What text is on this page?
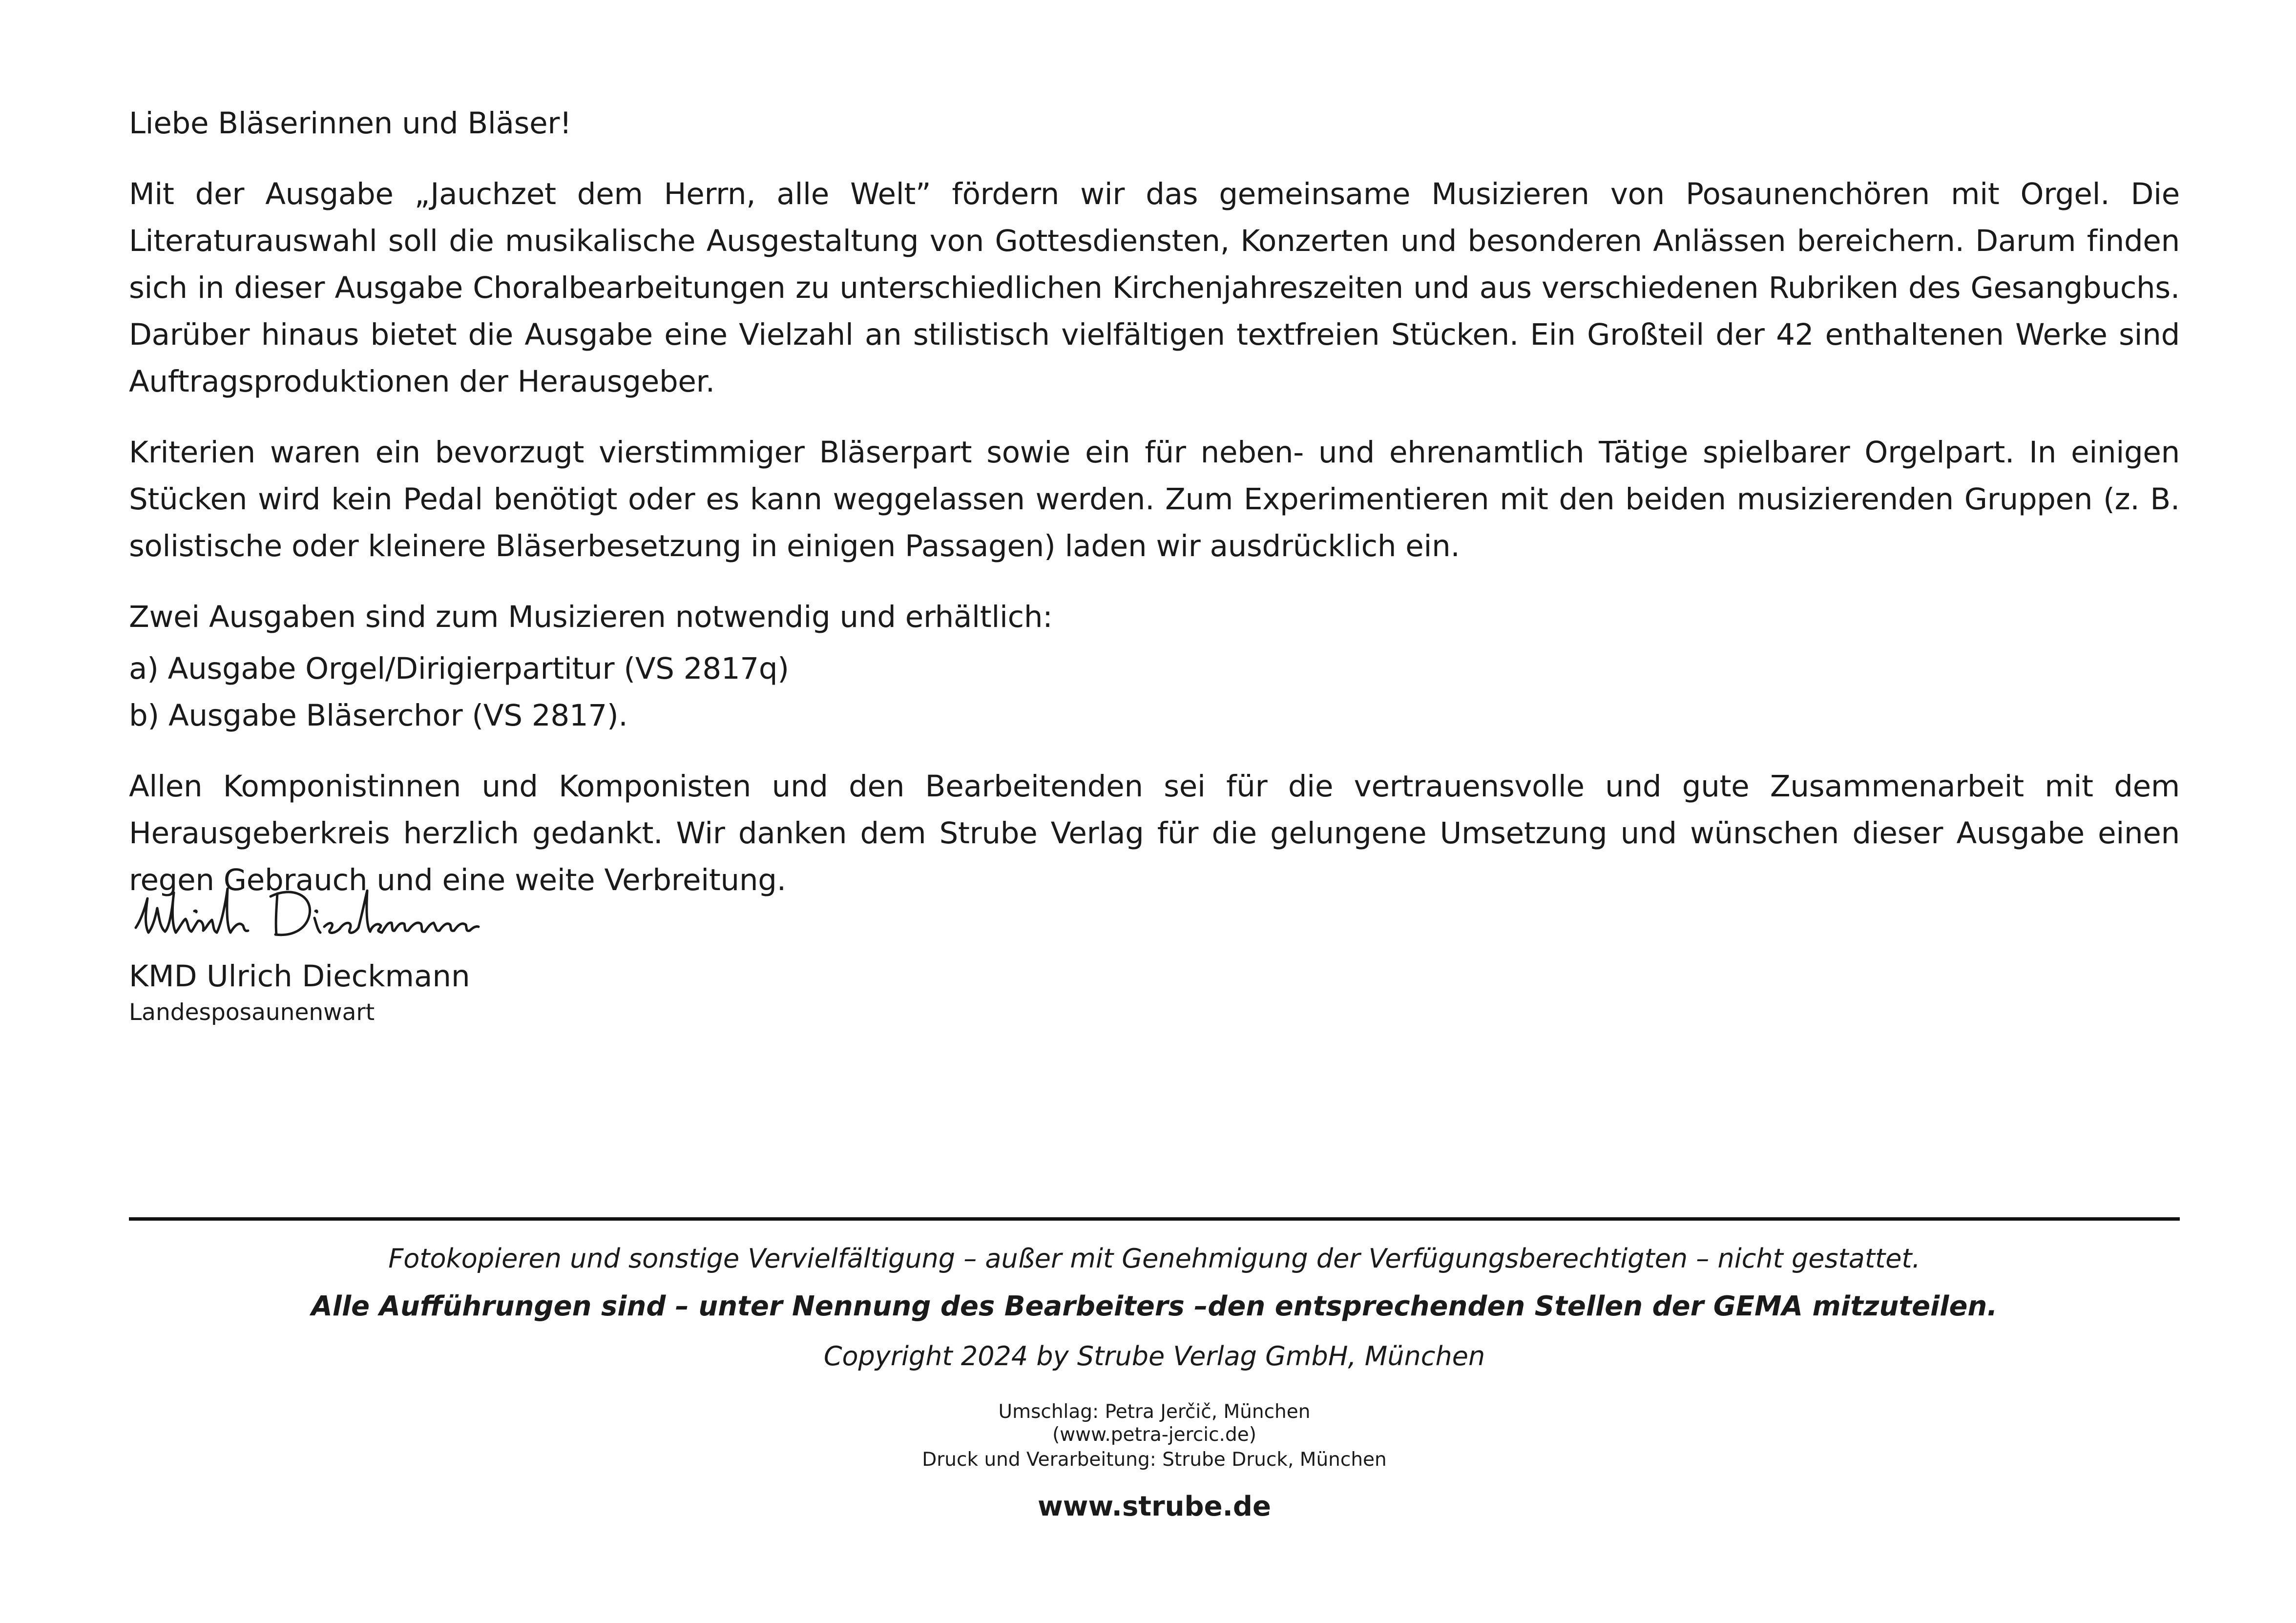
Liebe Bläserinnen und Bläser!

Mit der Ausgabe „Jauchzet dem Herrn, alle Welt” fördern wir das gemeinsame Musizieren von Posaunenchören mit Orgel. Die Literaturauswahl soll die musikalische Ausgestaltung von Gottesdiensten, Konzerten und besonderen Anlässen bereichern. Darum finden sich in dieser Ausgabe Choralbearbeitungen zu unterschiedlichen Kirchenjahreszeiten und aus verschiedenen Rubriken des Gesangbuchs. Darüber hinaus bietet die Ausgabe eine Vielzahl an stilistisch vielfältigen textfreien Stücken. Ein Großteil der 42 enthaltenen Werke sind Auftragsproduktionen der Herausgeber.

Kriterien waren ein bevorzugt vierstimmiger Bläserpart sowie ein für neben- und ehrenamtlich Tätige spielbarer Orgelpart. In einigen Stücken wird kein Pedal benötigt oder es kann weggelassen werden. Zum Experimentieren mit den beiden musizierenden Gruppen (z. B. solistische oder kleinere Bläserbesetzung in einigen Passagen) laden wir ausdrücklich ein.

Zwei Ausgaben sind zum Musizieren notwendig und erhältlich:

a) Ausgabe Orgel/Dirigierpartitur (VS 2817q)

b) Ausgabe Bläserchor (VS 2817).

Allen Komponistinnen und Komponisten und den Bearbeitenden sei für die vertrauensvolle und gute Zusammenarbeit mit dem Herausgeberkreis herzlich gedankt. Wir danken dem Strube Verlag für die gelungene Umsetzung und wünschen dieser Ausgabe einen regen Gebrauch und eine weite Verbreitung.

KMD Ulrich Dieckmann
Landesposaunenwart
Fotokopieren und sonstige Vervielfältigung – außer mit Genehmigung der Verfügungsberechtigten – nicht gestattet.
Alle Aufführungen sind – unter Nennung des Bearbeiters –den entsprechenden Stellen der GEMA mitzuteilen.
Copyright 2024 by Strube Verlag GmbH, München
Umschlag: Petra Jerčič, München
(www.petra-jercic.de)
Druck und Verarbeitung: Strube Druck, München
www.strube.de
